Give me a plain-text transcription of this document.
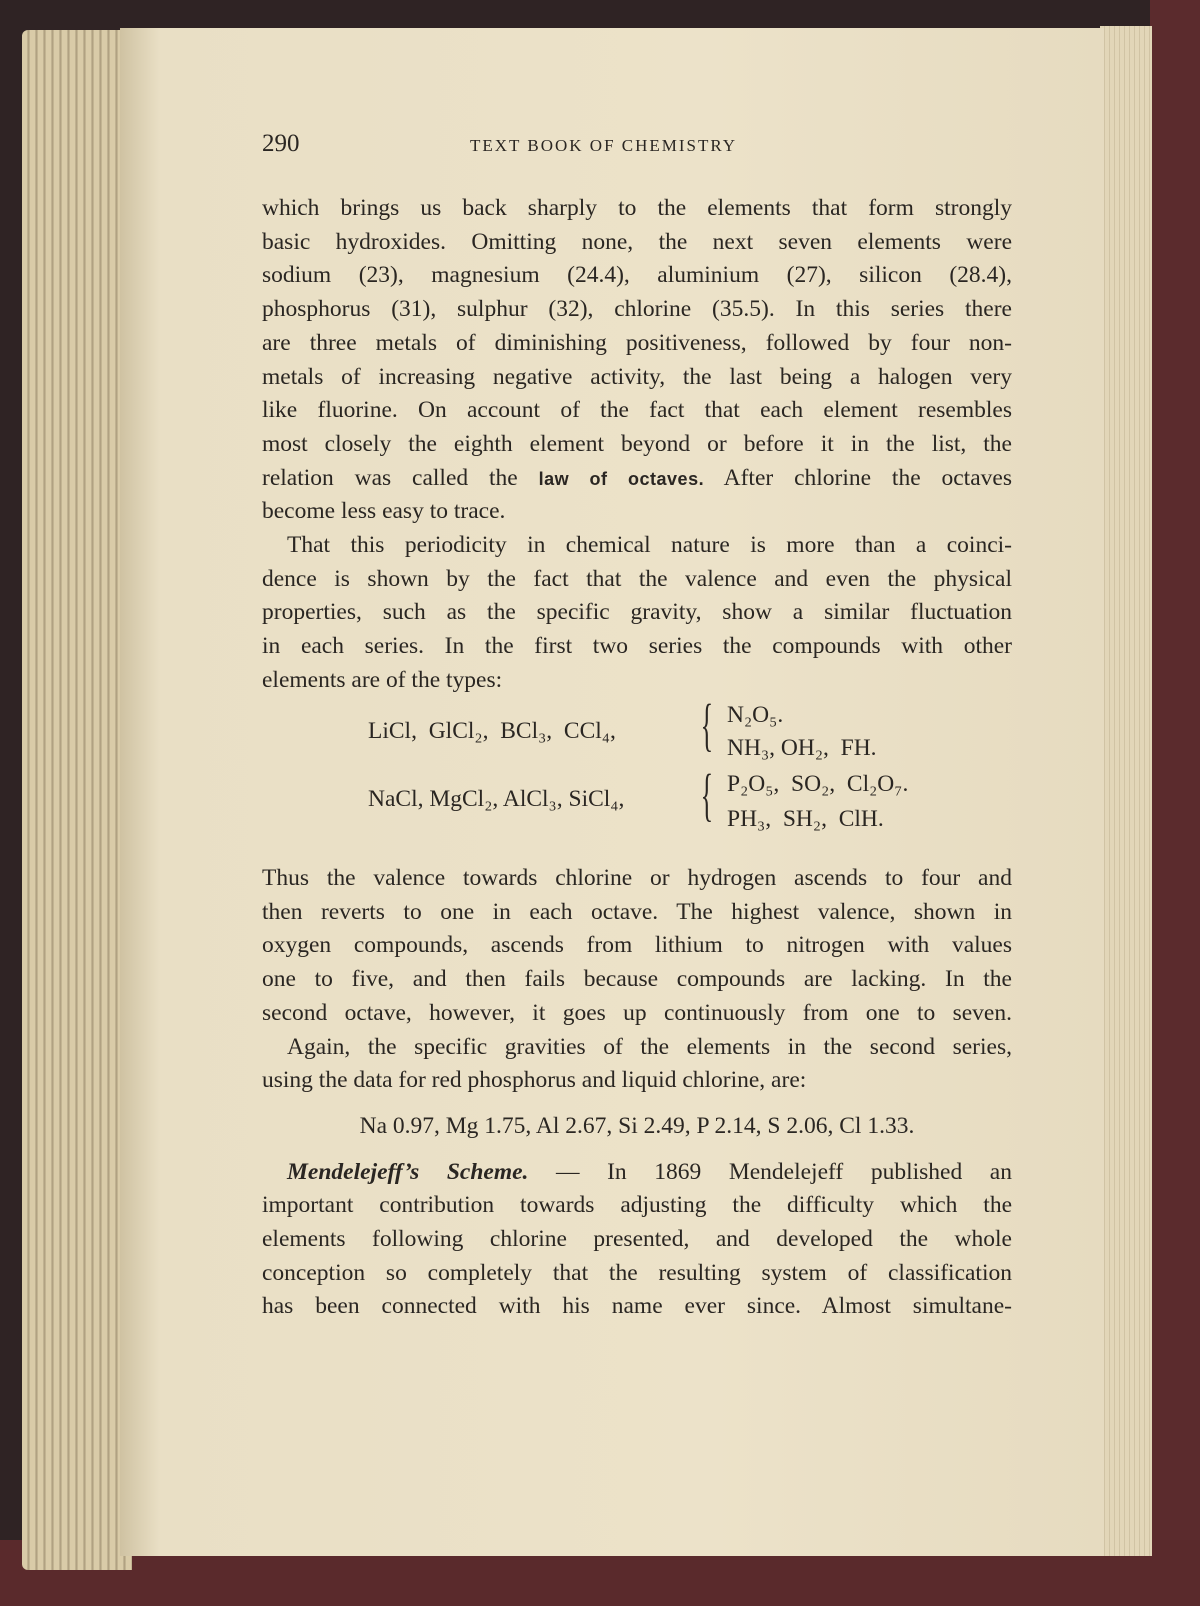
290	TEXT BOOK OF CHEMISTRY
which brings us back sharply to the elements that form strongly
basic hydroxides. Omitting none, the next seven elements were
sodium (23), magnesium (24.4), aluminium (27), silicon (28.4),
phosphorus (31), sulphur (32), chlorine (35.5). In this series there
are three metals of diminishing positiveness, followed by four non-
metals of increasing negative activity, the last being a halogen very
like fluorine. On account of the fact that each element resembles
most closely the eighth element beyond or before it in the list, the
relation was called the law of octaves. After chlorine the octaves
become less easy to trace.
That this periodicity in chemical nature is more than a coinci-
dence is shown by the fact that the valence and even the physical
properties, such as the specific gravity, show a similar fluctuation
in each series. In the first two series the compounds with other
elements are of the types:
Thus the valence towards chlorine or hydrogen ascends to four and
then reverts to one in each octave. The highest valence, shown in
oxygen compounds, ascends from lithium to nitrogen with values
one to five, and then fails because compounds are lacking. In the
second octave, however, it goes up continuously from one to seven.
Again, the specific gravities of the elements in the second series,
using the data for red phosphorus and liquid chlorine, are:
Na 0.97, Mg 1.75, Al 2.67, Si 2.49, P 2.14, S 2.06, Cl 1.33.
Mendelejeff’s Scheme. — In 1869 Mendelejeff published an
important contribution towards adjusting the difficulty which the
elements following chlorine presented, and developed the whole
conception so completely that the resulting system of classification
has been connected with his name ever since. Almost simultane-
LiCl,  GlCl₂,  BCl₃,  CCl₄, { N₂O₅.
NH₃, OH₂,  FH.
NaCl, MgCl₂, AlCl₃, SiCl₄, { P₂O₅,  SO₂,  Cl₂O₇.
PH₃,  SH₂,  ClH.
